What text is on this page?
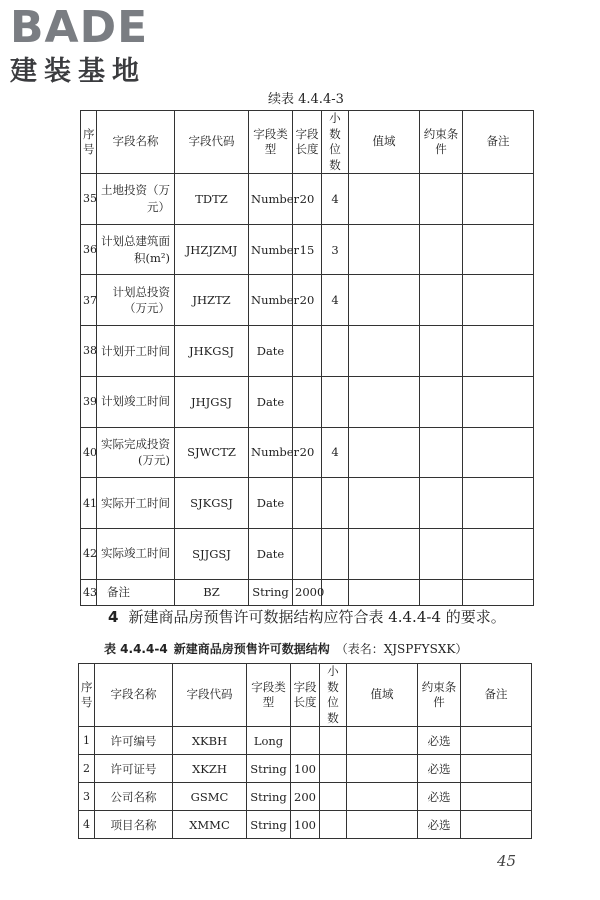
BADE
建装基地
续表 4.4.4-3
序号	字段名称	字段代码	字段类型	字段长度	小数位数	值域	约束条件	备注
35	土地投资（万元）	TDTZ	Number	20	4			
36	计划总建筑面积(m²)	JHZJZMJ	Number	15	3			
37	计划总投资（万元）	JHZTZ	Number	20	4			
38	计划开工时间	JHKGSJ	Date					
39	计划竣工时间	JHJGSJ	Date					
40	实际完成投资(万元)	SJWCTZ	Number	20	4			
41	实际开工时间	SJKGSJ	Date					
42	实际竣工时间	SJJGSJ	Date					
43	备注	BZ	String	2000				
4 新建商品房预售许可数据结构应符合表 4.4.4-4 的要求。
表 4.4.4-4 新建商品房预售许可数据结构 （表名：XJSPFYSXK）
序号	字段名称	字段代码	字段类型	字段长度	小数位数	值域	约束条件	备注
1	许可编号	XKBH	Long				必选	
2	许可证号	XKZH	String	100			必选	
3	公司名称	GSMC	String	200			必选	
4	项目名称	XMMC	String	100			必选	
45
